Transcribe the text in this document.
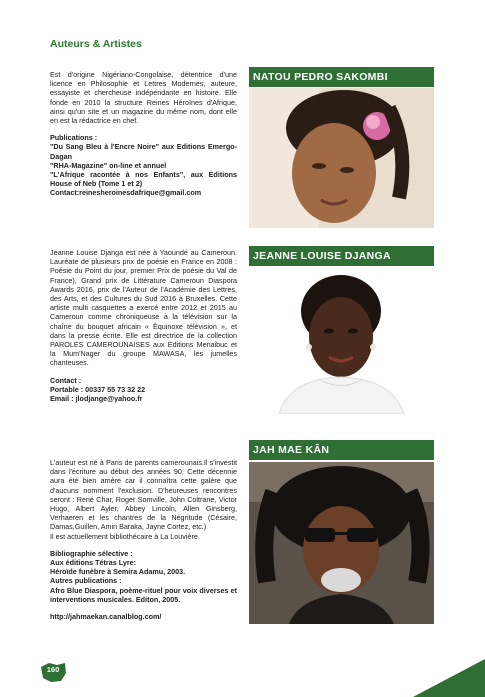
Auteurs & Artistes

Est d'origine Nigériano-Congolaise, détentrice d'une licence en Philosophie et Lettres Modernes, auteure, essayiste et chercheuse indépendante en histoire. Elle fonde en 2010 la structure Reines Héroïnes d'Afrique, ainsi qu'un site et un magazine du même nom, dont elle en est la rédactrice en chef.

Publications :
"Du Sang Bleu à l'Encre Noire" aux Editions Emergo-Dagan
"RHA-Magazine" on-line et annuel
"L'Afrique racontée à nos Enfants", aux Editions House of Neb (Tome 1 et 2)
Contact:reinesheroinesdafrique@gmail.com
NATOU PEDRO SAKOMBI

Jeanne Louise Djanga est née à Yaoundé au Cameroun. Lauréate de plusieurs prix de poésie en France en 2008 : Poésie du Point du jour, premier Prix de poésie du Val de France), Grand prix de Littérature Cameroun Diaspora Awards 2016, prix de l'Auteur de l'Académie des Lettres, des Arts, et des Cultures du Sud 2016 à Bruxelles. Cette artiste multi casquettes a exercé entre 2012 et 2015 au Cameroun comme chroniqueuse à la télévision sur la chaîne du bouquet africain « Équinoxe télévision », et dans la presse écrite. Elle est directrice de la collection PAROLES CAMEROUNAISES aux Editions Menaibuc et la Mum'Nager du groupe MAWASA, les jumelles chanteuses.

Contact :
Portable : 00337 55 73 32 22
Email : jlodjange@yahoo.fr
JEANNE LOUISE DJANGA

L'auteur est né à Paris de parents camerounais.Il s'investit dans l'écriture au début des années 90. Cette décennie aura été bien amère car il connaîtra cette galère que d'aucuns nomment l'exclusion. D'heureuses rencontres seront : René Char, Roger Somville, John Coltrane, Victor Hugo, Albert Ayler, Abbey Lincoln, Allen Ginsberg, Verhaeren et les chantres de la Négritude (Césaire, Damas,Guillen, Amiri Baraka, Jayne Cortez, etc.)

Il est actuellement bibliothécaire à La Louvière.

Bibliographie sélective :
Aux éditions Tétras Lyre:
Héroïde funèbre à Semira Adamu, 2003.
Autres publications :
Afro Blue Diaspora, poème-rituel pour voix diverses et interventions musicales. Editon, 2005.
http://jahmaekan.canalblog.com/
JAH MAE KÂN
160
